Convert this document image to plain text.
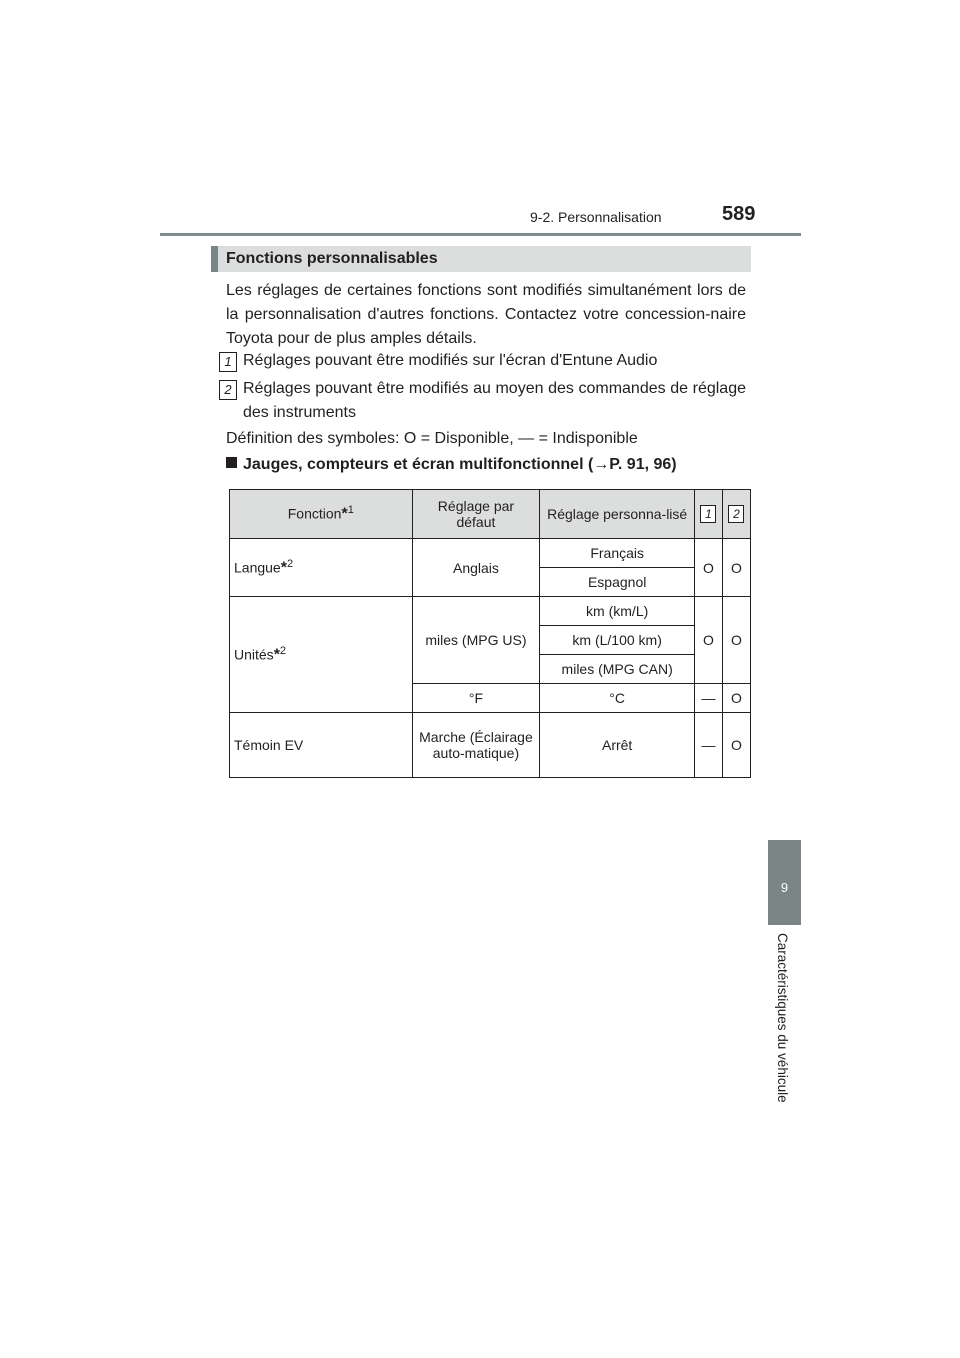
9-2. Personnalisation	589
9
Caractéristiques du véhicule
Fonctions personnalisables
Les réglages de certaines fonctions sont modifiés simultanément lors de la personnalisation d'autres fonctions. Contactez votre concession-naire Toyota pour de plus amples détails.
1 Réglages pouvant être modifiés sur l'écran d'Entune Audio
2 Réglages pouvant être modifiés au moyen des commandes de réglage des instruments
Définition des symboles: O = Disponible, — = Indisponible
Jauges, compteurs et écran multifonctionnel (→P. 91, 96)
Fonction*$^1$	Réglage par défaut	Réglage personna-lisé	1	2
Langue*$^2$	Anglais	Français	O	O
		Espagnol		
Unités*$^2$	miles (MPG US)	km (km/L)	O	O
		km (L/100 km)		
		miles (MPG CAN)		
	°F	°C	—	O
Témoin EV	Marche (Éclairage auto-matique)	Arrêt	—	O
